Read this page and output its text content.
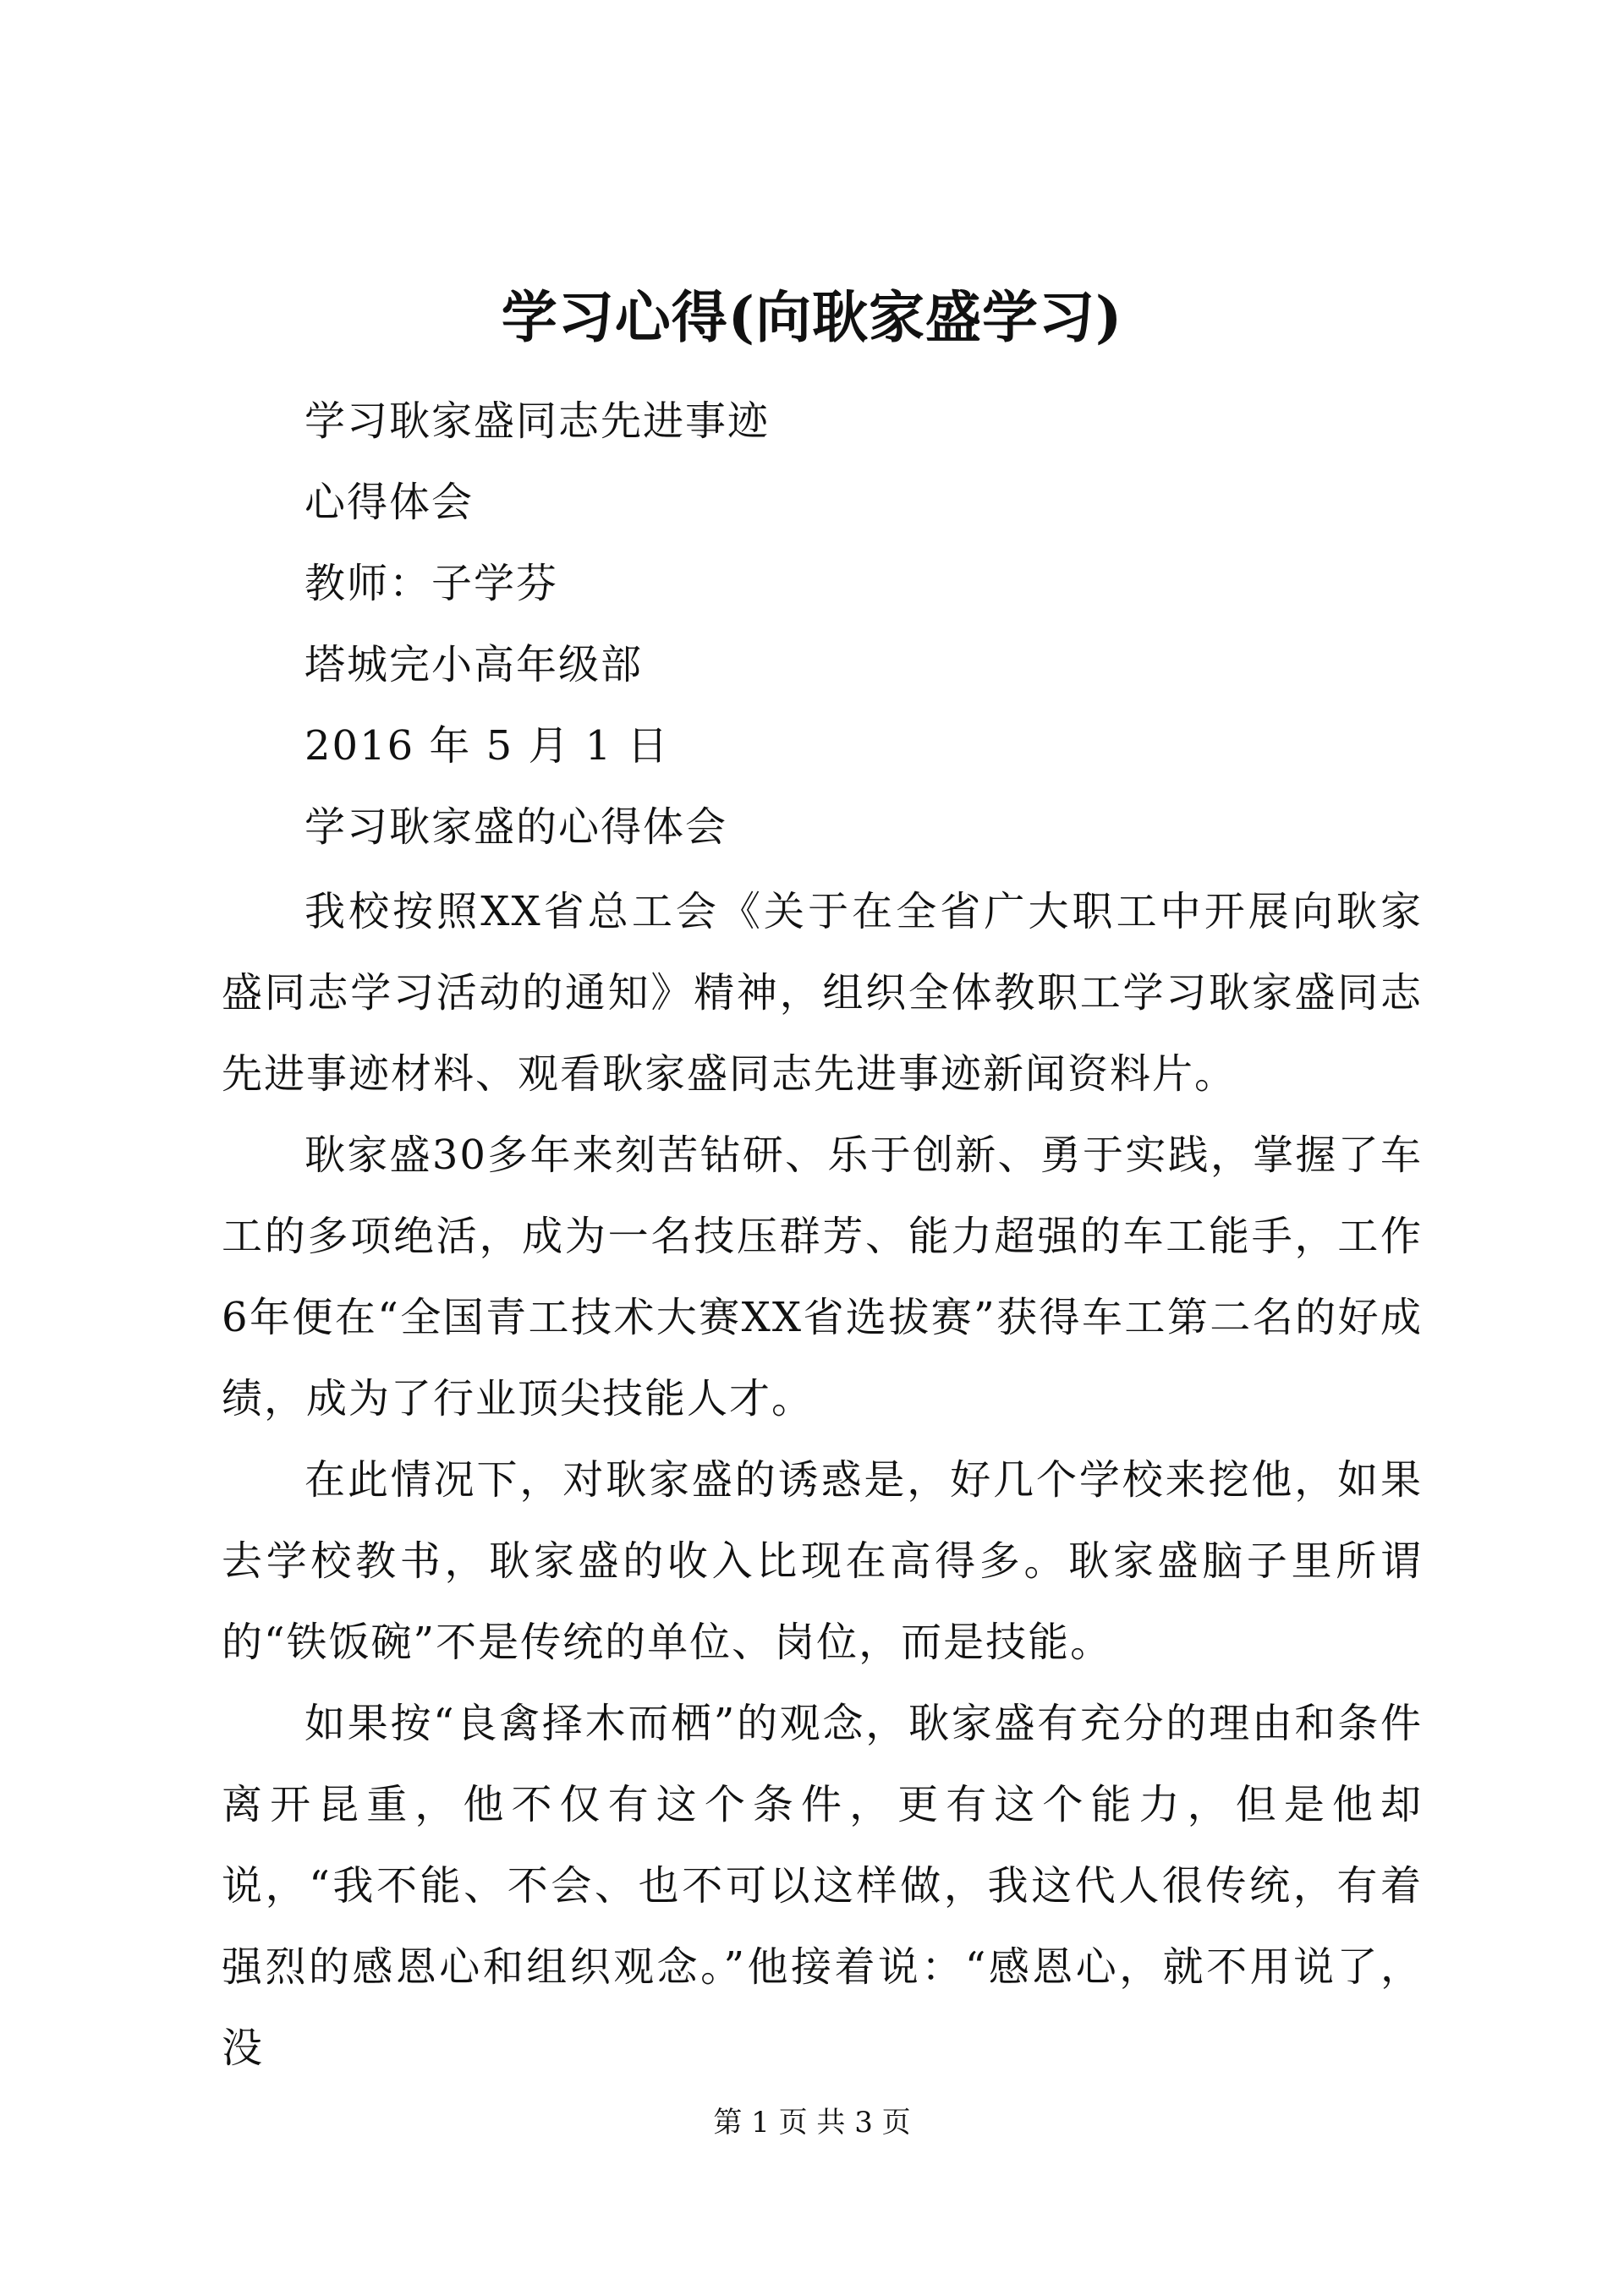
学习心得(向耿家盛学习)

学习耿家盛同志先进事迹

心得体会

教师：子学芬

塔城完小高年级部

2016 年 5 月 1 日

学习耿家盛的心得体会

我校按照XX省总工会《关于在全省广大职工中开展向耿家盛同志学习活动的通知》精神，组织全体教职工学习耿家盛同志先进事迹材料、观看耿家盛同志先进事迹新闻资料片。

耿家盛30多年来刻苦钻研、乐于创新、勇于实践，掌握了车工的多项绝活，成为一名技压群芳、能力超强的车工能手，工作6年便在“全国青工技术大赛XX省选拔赛”获得车工第二名的好成绩，成为了行业顶尖技能人才。

在此情况下，对耿家盛的诱惑是，好几个学校来挖他，如果去学校教书，耿家盛的收入比现在高得多。耿家盛脑子里所谓的“铁饭碗”不是传统的单位、岗位，而是技能。

如果按“良禽择木而栖”的观念，耿家盛有充分的理由和条件离开昆重，他不仅有这个条件，更有这个能力，但是他却说，“我不能、不会、也不可以这样做，我这代人很传统，有着强烈的感恩心和组织观念。”他接着说：“感恩心，就不用说了，没

第 1 页 共 3 页
